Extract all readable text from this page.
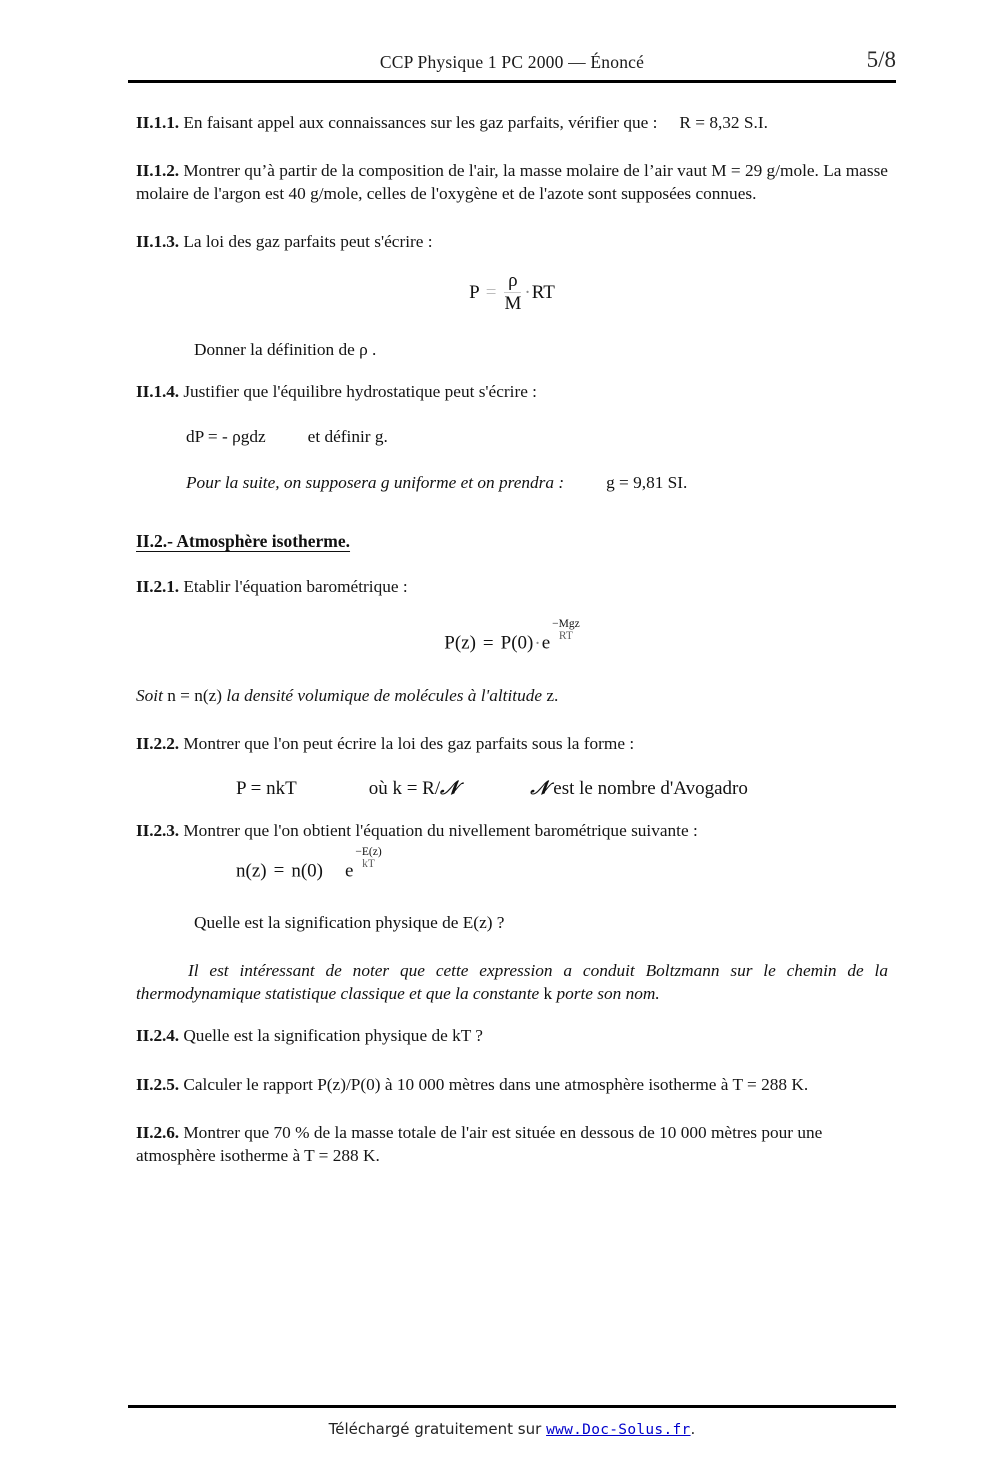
CCP Physique 1 PC 2000 — Énoncé	5/8

II.1.1. En faisant appel aux connaissances sur les gaz parfaits, vérifier que : R = 8,32 S.I.

II.1.2. Montrer qu’à partir de la composition de l'air, la masse molaire de l’air vaut M = 29 g/mole. La masse molaire de l'argon est 40 g/mole, celles de l'oxygène et de l'azote sont supposées connues.

II.1.3. La loi des gaz parfaits peut s'écrire :

$P = \frac{\rho}{M} \cdot RT$
Donner la définition de ρ .

II.1.4. Justifier que l'équilibre hydrostatique peut s'écrire :

dP = - ρgdz et définir g.
Pour la suite, on supposera g uniforme et on prendra : g = 9,81 SI.
II.2.- Atmosphère isotherme.

II.2.1. Etablir l'équation barométrique :

P(z) = P(0)·e
−Mgz
RT

Soit n = n(z) la densité volumique de molécules à l'altitude z.

II.2.2. Montrer que l'on peut écrire la loi des gaz parfaits sous la forme :

P = nkT	où k = R/𝒩	𝒩 est le nombre d'Avogadro

II.2.3. Montrer que l'on obtient l'équation du nivellement barométrique suivante :

n(z) = n(0) e
−E(z)
kT
Quelle est la signification physique de E(z) ?

Il est intéressant de noter que cette expression a conduit Boltzmann sur le chemin de la thermodynamique statistique classique et que la constante k porte son nom.

II.2.4. Quelle est la signification physique de kT ?

II.2.5. Calculer le rapport P(z)/P(0) à 10 000 mètres dans une atmosphère isotherme à T = 288 K.

II.2.6. Montrer que 70 % de la masse totale de l'air est située en dessous de 10 000 mètres pour une atmosphère isotherme à T = 288 K.

Téléchargé gratuitement sur www.Doc-Solus.fr.
